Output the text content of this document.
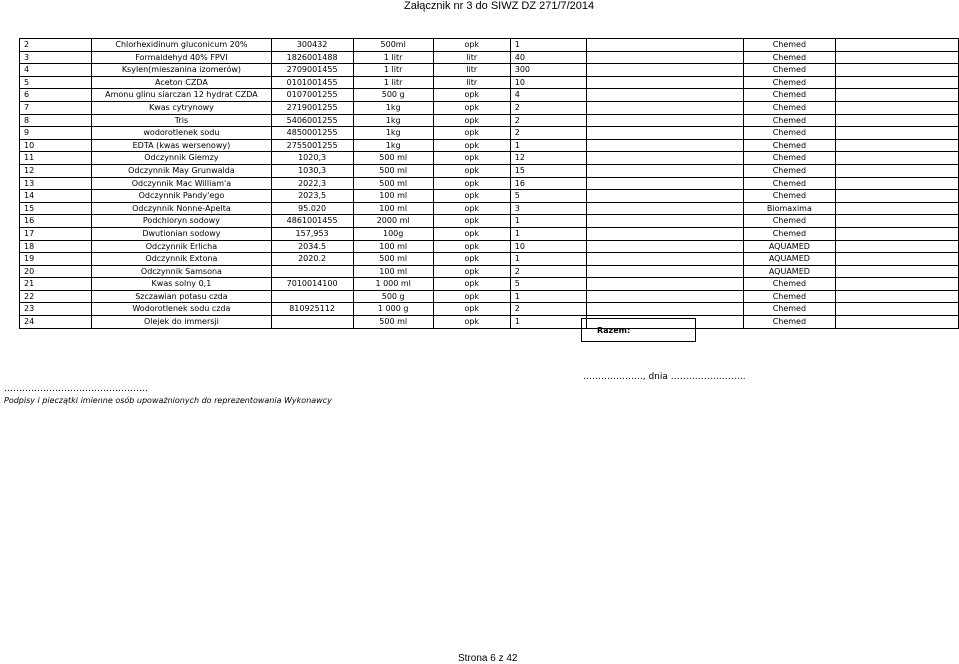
Załącznik nr 3 do SIWZ DZ 271/7/2014
2	Chlorhexidinum gluconicum 20%	300432	500ml	opk	1		Chemed	
3	Formaldehyd 40% FPVI	1826001488	1 litr	litr	40		Chemed	
4	Ksylen(mieszanina izomerów)	2709001455	1 litr	litr	300		Chemed	
5	Aceton CZDA	0101001455	1 litr	litr	10		Chemed	
6	Amonu glinu siarczan 12 hydrat CZDA	0107001255	500 g	opk	4		Chemed	
7	Kwas cytrynowy	2719001255	1kg	opk	2		Chemed	
8	Tris	5406001255	1kg	opk	2		Chemed	
9	wodorotlenek sodu	4850001255	1kg	opk	2		Chemed	
10	EDTA (kwas wersenowy)	2755001255	1kg	opk	1		Chemed	
11	Odczynnik Giemzy	1020,3	500 ml	opk	12		Chemed	
12	Odczynnik May Grunwalda	1030,3	500 ml	opk	15		Chemed	
13	Odczynnik Mac William'a	2022,3	500 ml	opk	16		Chemed	
14	Odczynnik Pandy'ego	2023,5	100 ml	opk	5		Chemed	
15	Odczynnik Nonne-Apelta	95.020	100 ml	opk	3		Biomaxima	
16	Podchloryn sodowy	4861001455	2000 ml	opk	1		Chemed	
17	Dwutionian sodowy	157,953	100g	opk	1		Chemed	
18	Odczynnik Erlicha	2034.5	100 ml	opk	10		AQUAMED	
19	Odczynnik Extona	2020.2	500 ml	opk	1		AQUAMED	
20	Odczynnik Samsona		100 ml	opk	2		AQUAMED	
21	Kwas solny 0,1	7010014100	1 000 ml	opk	5		Chemed	
22	Szczawian potasu czda		500 g	opk	1		Chemed	
23	Wodorotlenek sodu czda	810925112	1 000 g	opk	2		Chemed	
24	Olejek do immersji		500 ml	opk	1		Chemed	
Razem:
……………….., dnia …………………….
…………………………………………
Podpisy i pieczątki imienne osób upoważnionych do reprezentowania Wykonawcy
Strona 6 z 42
